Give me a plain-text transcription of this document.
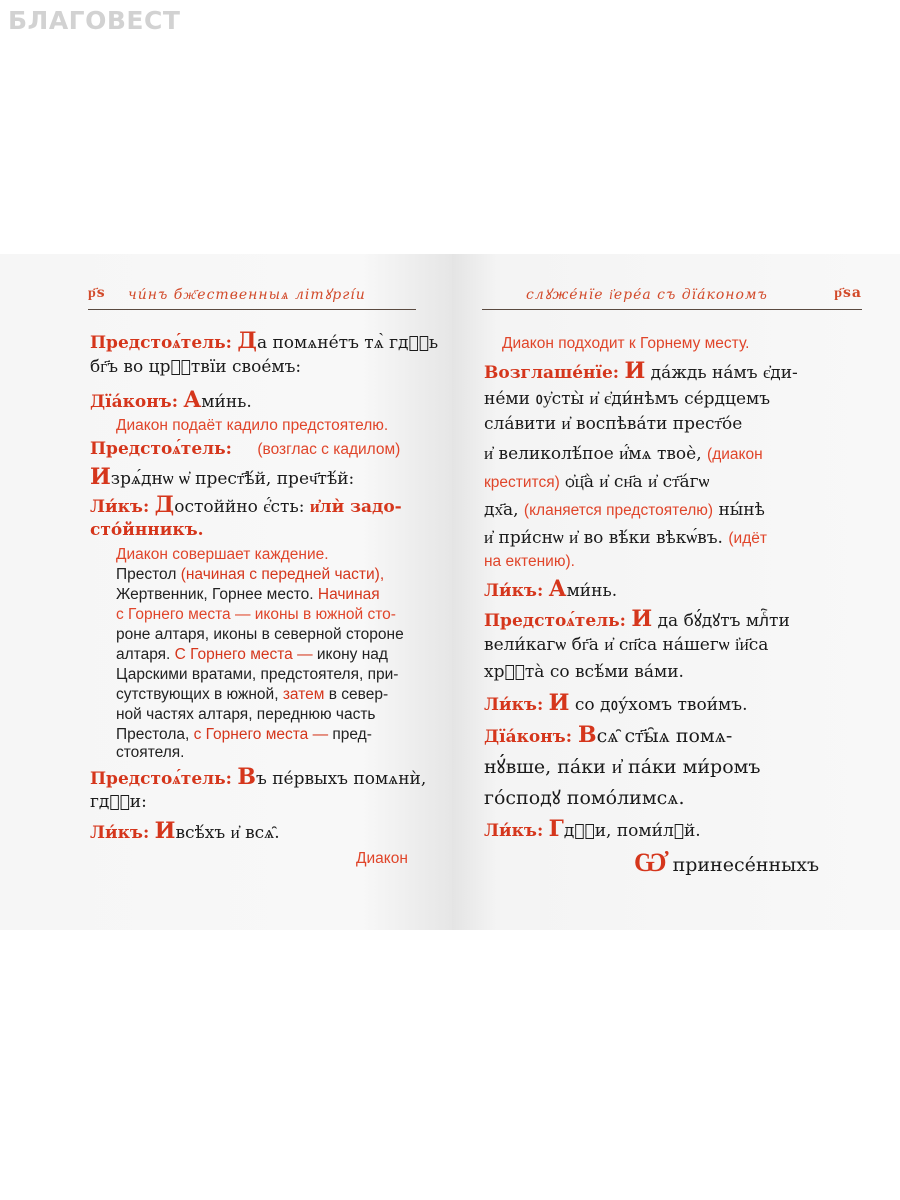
БЛАГОВЕСТ
р҃ѕ чи́нъ бж҃ественныѧ літꙋргі́и
Предстоѧ́тель: Да помѧне́тъ тѧ̀ гдⷭ҇ь
бг҃ъ во црⷭ҇твїи свое́мъ:
Дїа́конъ: Ами́нь.
Диакон подаёт кадило предстоятелю.
Предстоѧ́тель: (возглас с кадилом)
Изрѧ́днѡ ѡ҆ прест҃ѣ́й, преч҃тѣ́й:
Ли́къ: Достоййно є҆́сть: и҆лѝ задо-
сто́йнникъ.
Диакон совершает каждение.
Престол (начиная с передней части),
Жертвенник, Горнее место. Начиная
с Горнего места — иконы в южной сто-
роне алтаря, иконы в северной стороне
алтаря. С Горнего места — икону над
Царскими вратами, предстоятеля, при-
сутствующих в южной, затем в север-
ной частях алтаря, переднюю часть
Престола, с Горнего места — пред-
стоятеля.
Предстоѧ́тель: Въ пе́рвыхъ помѧнѝ,
гдⷭ҇и:
Ли́къ: Ивсѣ́хъ и҆ всѧ̑.
Диакон
слꙋже́нїе і҆ере́а съ дїа́кономъ	р҃ѕа
Диакон подходит к Горнему месту.
Возглаше́нїе: И да́ждь на́мъ є҆ди-
не́ми ᲂу҆сты̀ и҆ є҆ди́нѣмъ се́рдцемъ
сла́вити и҆ воспѣва́ти прест҃о́е
и҆ великолѣ́пое и҆́мѧ твоѐ, (диакон
крестится) ѻ҆ц҃а̀ и҆ сн҃а и҆ ст҃а́гѡ
дх҃а, (кланяется предстоятелю) ны́нѣ
и҆ при́снѡ и҆ во вѣ́ки вѣкѡ́въ. (идёт
на ектению).
Ли́къ: Ами́нь.
Предстоѧ́тель: И да бꙋ́дꙋтъ млⷭ҇ти
вели́кагѡ бг҃а и҆ сп҃са на́шегѡ і҆и҃са
хрⷭ҇та̀ со всѣ́ми ва́ми.
Ли́къ: И со дᲂу́хомъ твои́мъ.
Дїа́конъ: Всѧ̑ ст҃ы̑ѧ помѧ-
нꙋ́вше, па́ки и҆ па́ки ми́ромъ
го́сподꙋ помо́лимсѧ.
Ли́къ: Гдⷭ҇и, поми́лꙋй.
Ѡ҆ принесе́нныхъ
